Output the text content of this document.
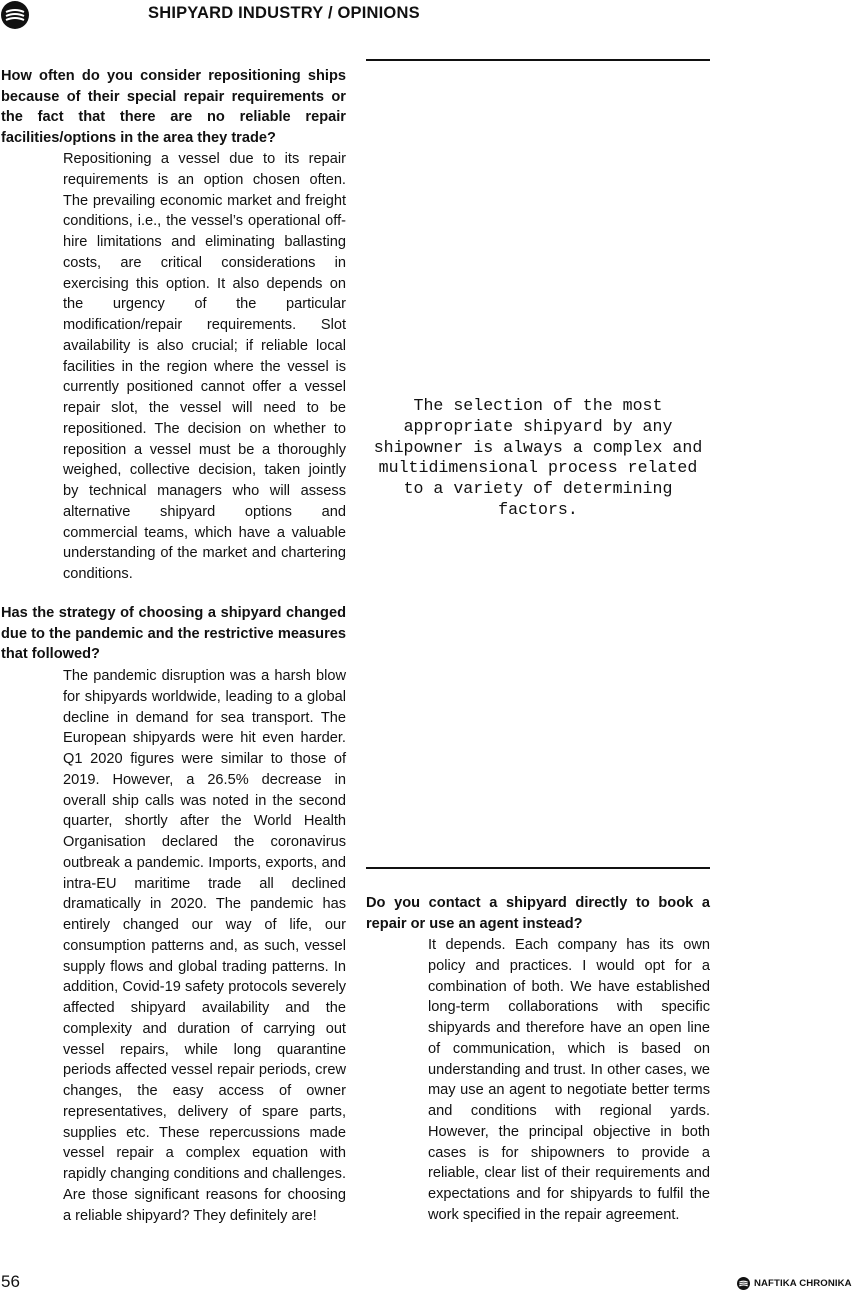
SHIPYARD INDUSTRY / OPINIONS

How often do you consider repositioning ships because of their special repair requirements or the fact that there are no reliable repair facilities/options in the area they trade?

Repositioning a vessel due to its repair requirements is an option chosen often. The prevailing economic market and freight conditions, i.e., the vessel’s operational off-hire limitations and eliminating ballasting costs, are critical considerations in exercising this option. It also depends on the urgency of the particular modification/repair requirements. Slot availability is also crucial; if reliable local facilities in the region where the vessel is currently positioned cannot offer a vessel repair slot, the vessel will need to be repositioned. The decision on whether to reposition a vessel must be a thoroughly weighed, collective decision, taken jointly by technical managers who will assess alternative shipyard options and commercial teams, which have a valuable understanding of the market and chartering conditions.

Has the strategy of choosing a shipyard changed due to the pandemic and the restrictive measures that followed?

The pandemic disruption was a harsh blow for shipyards worldwide, leading to a global decline in demand for sea transport. The European shipyards were hit even harder. Q1 2020 figures were similar to those of 2019. However, a 26.5% decrease in overall ship calls was noted in the second quarter, shortly after the World Health Organisation declared the coronavirus outbreak a pandemic. Imports, exports, and intra-EU maritime trade all declined dramatically in 2020. The pandemic has entirely changed our way of life, our consumption patterns and, as such, vessel supply flows and global trading patterns. In addition, Covid-19 safety protocols severely affected shipyard availability and the complexity and duration of carrying out vessel repairs, while long quarantine periods affected vessel repair periods, crew changes, the easy access of owner representatives, delivery of spare parts, supplies etc. These repercussions made vessel repair a complex equation with rapidly changing conditions and challenges. Are those significant reasons for choosing a reliable shipyard? They definitely are!

The selection of the most appropriate shipyard by any shipowner is always a complex and multidimensional process related to a variety of determining factors.

Do you contact a shipyard directly to book a repair or use an agent instead?

It depends. Each company has its own policy and practices. I would opt for a combination of both. We have established long-term collaborations with specific shipyards and therefore have an open line of communication, which is based on understanding and trust. In other cases, we may use an agent to negotiate better terms and conditions with regional yards. However, the principal objective in both cases is for shipowners to provide a reliable, clear list of their requirements and expectations and for shipyards to fulfil the work specified in the repair agreement.

56	NAFTIKA CHRONIKA
